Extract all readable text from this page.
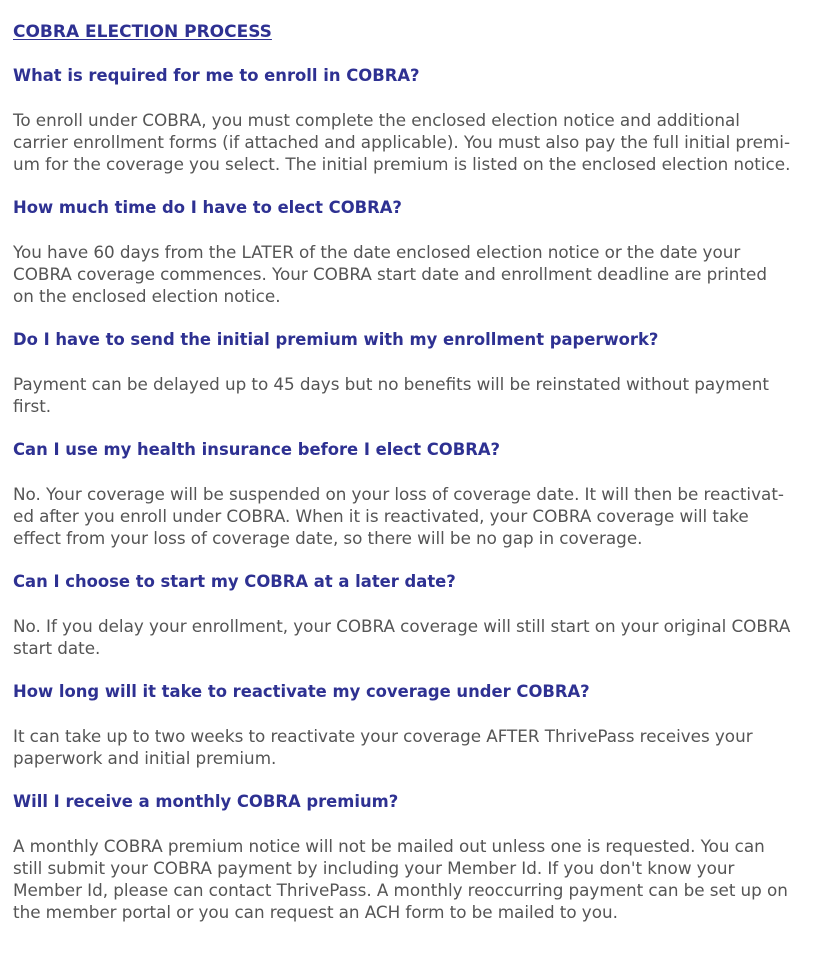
COBRA ELECTION PROCESS
What is required for me to enroll in COBRA?
To enroll under COBRA, you must complete the enclosed election notice and additional
carrier enrollment forms (if attached and applicable). You must also pay the full initial premi-
um for the coverage you select. The initial premium is listed on the enclosed election notice.
How much time do I have to elect COBRA?
You have 60 days from the LATER of the date enclosed election notice or the date your
COBRA coverage commences. Your COBRA start date and enrollment deadline are printed
on the enclosed election notice.
Do I have to send the initial premium with my enrollment paperwork?
Payment can be delayed up to 45 days but no benefits will be reinstated without payment
first.
Can I use my health insurance before I elect COBRA?
No. Your coverage will be suspended on your loss of coverage date. It will then be reactivat-
ed after you enroll under COBRA. When it is reactivated, your COBRA coverage will take
effect from your loss of coverage date, so there will be no gap in coverage.
Can I choose to start my COBRA at a later date?
No. If you delay your enrollment, your COBRA coverage will still start on your original COBRA
start date.
How long will it take to reactivate my coverage under COBRA?
It can take up to two weeks to reactivate your coverage AFTER ThrivePass receives your
paperwork and initial premium.
Will I receive a monthly COBRA premium?
A monthly COBRA premium notice will not be mailed out unless one is requested. You can
still submit your COBRA payment by including your Member Id. If you don't know your
Member Id, please can contact ThrivePass. A monthly reoccurring payment can be set up on
the member portal or you can request an ACH form to be mailed to you.
